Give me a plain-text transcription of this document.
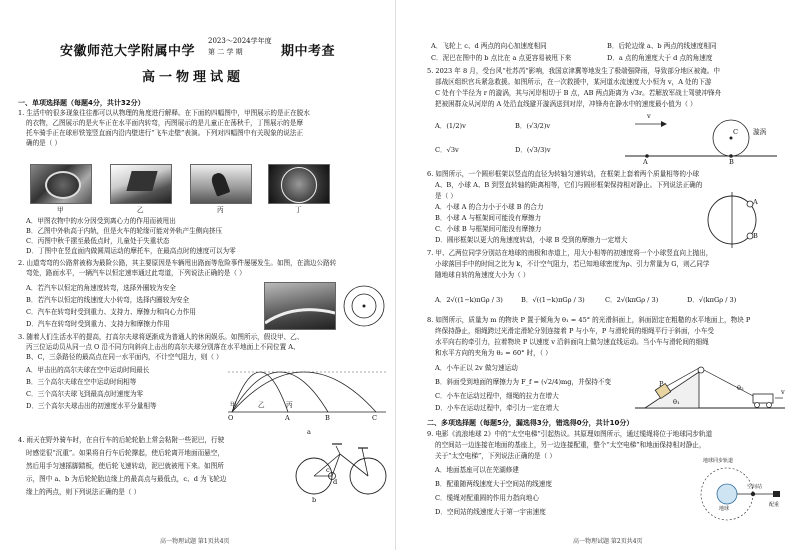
安徽师范大学附属中学
2023～2024学年度
第 二 学 期	期中考查
高一物理试题
一、单项选择题（每题4分，共计32分）
1. 生活中的很多现象往往都可以从物理的角度进行解释。在下面的四幅图中，甲图展示的是正在脱水
的衣物，乙图展示的是火车正在水平面内转弯，丙图展示的是儿童正在荡秋千，丁图展示的是摩
托车骑手正在球形铁笼竖直面内沿内壁进行“飞车走壁”表演。下列对四幅图中有关现象的说法正
确的是（ ）
甲	乙	丙	丁
A．甲图衣物中的水分因受到离心力的作用而被甩出
B．乙图中外轨高于内轨，但是火车的轮缘可能对外轨产生侧向挤压
C．丙图中秋千摆至最低点时，儿童处于失重状态
D．丁图中在竖直面内做圆周运动的摩托车，在最高点时的速度可以为零
2. 山道弯弯的公路常被称为最险公路，其主要原因是车辆甩出路面等危险事件屡屡发生。如图，在湍边公路转
弯处，路面水平，一辆汽车以恒定速率通过此弯道，下列说法正确的是（ ）
A．若汽车以恒定的角速度转弯，选择外圈较为安全
B．若汽车以恒定的线速度大小转弯，选择内圈较为安全
C．汽车在转弯时受到重力、支持力、摩擦力和向心力作用
D．汽车在转弯时受到重力、支持力和摩擦力作用
3. 随着人们生活水平的提高，打高尔夫球将逐渐成为普通人的休闲娱乐。如图所示，假设甲、乙、
丙三位运动员从同一点 O 沿不同方向斜向上击出的高尔夫球分别落在水平地面上不同位置 A、
B、C，三条路径的最高点在同一水平面内，不计空气阻力，则（ ）
A．甲击出的高尔夫球在空中运动时间最长
B．三个高尔夫球在空中运动时间相等
C．三个高尔夫球飞到最高点时速度为零
D．三个高尔夫球击出的初速度水平分量相等	甲	乙	丙
O	A	B	C
4. 雨天在野外骑车时，在自行车的后轮轮胎上常会粘附一些泥巴，行驶
时感觉很“沉重”。如果将自行车后轮撑起，使后轮离开地面而悬空，
然后用手匀速摇脚踏板，使后轮飞速转动，泥巴就被甩下来。如图所
示，图中 a、b 为后轮轮胎边缘上的最高点与最低点，c、d 为飞轮边
缘上的两点，则下列说法正确的是（ ）
a
c
d
b
高一物理试题 第1页共4页
A．飞轮上 c、d 两点的向心加速度相同	B．后轮边缘 a、b 两点的线速度相同
C．泥巴在图中的 b 点比在 a 点更容易被甩下来	D．a 点的角速度大于 d 点的角速度
5. 2023 年 8 月，受台风“杜苏芮”影响，我国京津冀等地发生了极端强降雨，导致部分地区被淹。中
部战区组织官兵紧急救援。如图所示，在一次救援中，某河道水流速度大小恒为 v，A 处的下游
C 处有个半径为 r 的漩涡，其与河岸相切于 B 点，AB 两点距离为 √3r。若解放军战士驾驶冲锋舟
把被困群众从河岸的 A 处沿直线避开漩涡送到对岸，冲锋舟在静水中的速度最小值为（ ）
A．(1/2)v	B．(√3/2)v
C．√3v	D．(√3/3)v
v
C 漩涡
A	B
6. 如图所示，一个圆形框架以竖直的直径为转轴匀速转动，在框架上套着两个质量相等的小球
A、B，小球 A、B 到竖直转轴的距离相等，它们与圆形框架保持相对静止。下列说法正确的
是（ ）
A．小球 A 的合力小于小球 B 的合力
B．小球 A 与框架间可能没有摩擦力
C．小球 B 与框架间可能没有摩擦力
D．圆形框架以更大的角速度转动，小球 B 受到的摩擦力一定增大
A
B
7. 甲、乙两位同学分别站在地球的南极和赤道上，用大小相等的初速度将一个小球竖直向上抛出，
小球落回手中的时间之比为 k，不计空气阻力，若已知地球密度为ρ、引力常量为 G，则乙同学
随地球自转的角速度大小为（ ）
A．2√((1−k)πGρ / 3)	B．√((1−k)πGρ / 3)	C．2√(kπGρ / 3)	D．√(kπGρ / 3)
8. 如图所示，质量为 m 的物块 P 置于倾角为 θ₁ = 45° 的光滑斜面上，斜面固定在粗糙的水平地面上，物块 P
终保持静止，细绳跨过光滑定滑轮分别连接着 P 与小车，P 与滑轮间的细绳平行于斜面，小车受
水平向右的牵引力，拉着物块 P 以速度 v 沿斜面向上做匀速直线运动。当小车与滑轮间的细绳
和水平方向的夹角为 θ₂ = 60° 时，（ ）
A．小车正以 2v 做匀速运动
B．斜面受到地面的摩擦力为 F_f = (√2/4)mg，并保持不变
C．小车在运动过程中，细绳的拉力在增大
D．小车在运动过程中，牵引力一定在增大
P
θ₁
θ₂	v
二、多项选择题（每题5分，漏选得3分，错选得0分，共计10分）
9. 电影《流浪地球 2》中的“太空电梯”引起热议。其原理如图所示，通过缆绳将位于地球同步轨道
的空间站一边连接在地面的基座上，另一边连接配重，整个“太空电梯”和地面保持相对静止，
关于“太空电梯”，下列说法正确的是（ ）
A．地面基座可以在芜湖修建
B．配重随两线速度大于空间站的线速度
C．缆绳对配重圆的作用力指向地心
D．空间站的线速度大于第一宇宙速度
地球同步轨道
空间站
地球
配重
高一物理试题 第2页共4页
